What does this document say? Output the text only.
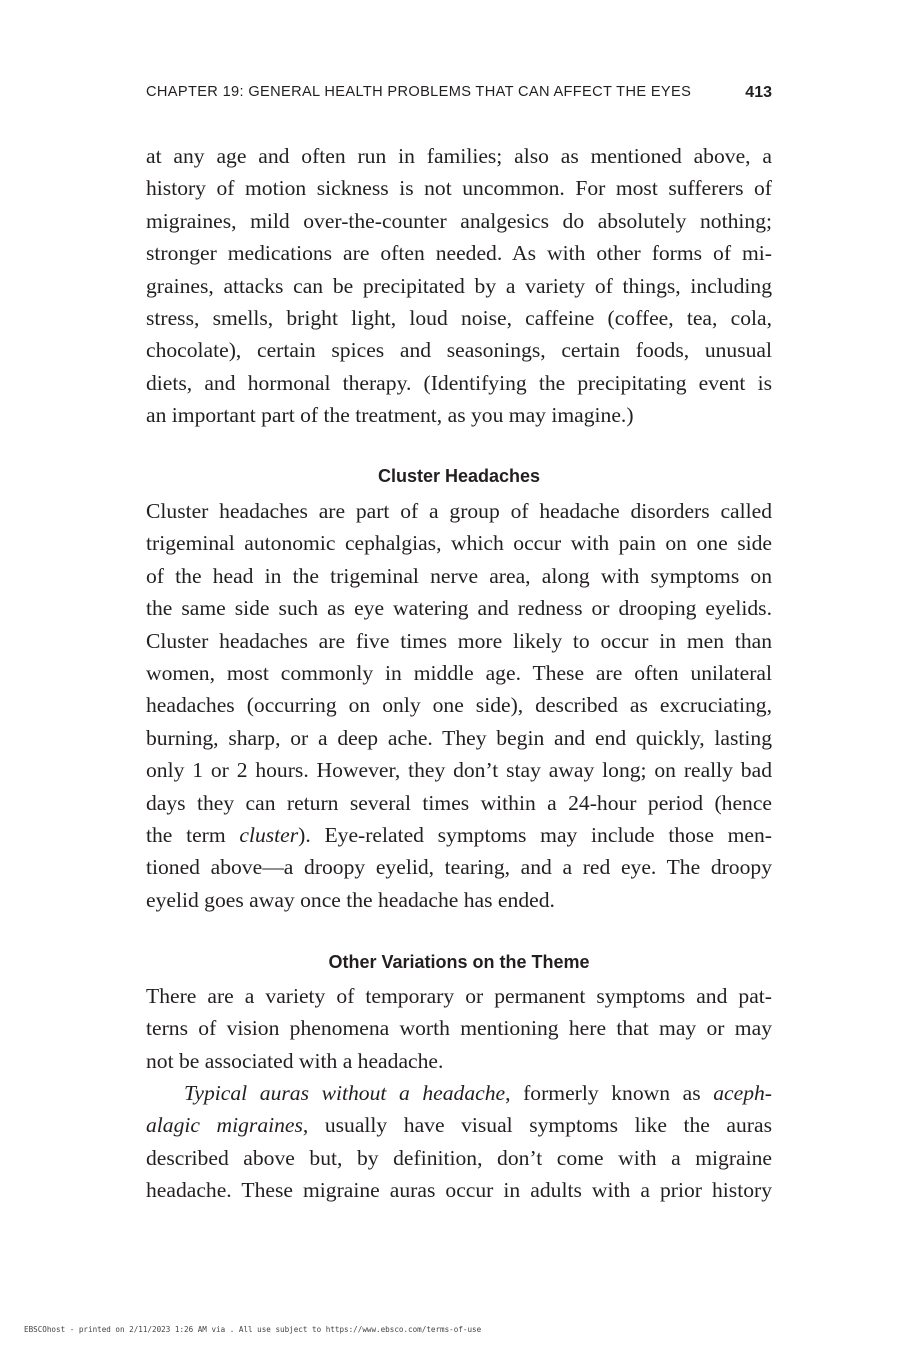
CHAPTER 19: GENERAL HEALTH PROBLEMS THAT CAN AFFECT THE EYES	413
at any age and often run in families; also as mentioned above, a
history of motion sickness is not uncommon. For most sufferers of
migraines, mild over-the-counter analgesics do absolutely nothing;
stronger medications are often needed. As with other forms of mi-
graines, attacks can be precipitated by a variety of things, including
stress, smells, bright light, loud noise, caffeine (coffee, tea, cola,
chocolate), certain spices and seasonings, certain foods, unusual
diets, and hormonal therapy. (Identifying the precipitating event is
an important part of the treatment, as you may imagine.)
Cluster Headaches
Cluster headaches are part of a group of headache disorders called
trigeminal autonomic cephalgias, which occur with pain on one side
of the head in the trigeminal nerve area, along with symptoms on
the same side such as eye watering and redness or drooping eyelids.
Cluster headaches are five times more likely to occur in men than
women, most commonly in middle age. These are often unilateral
headaches (occurring on only one side), described as excruciating,
burning, sharp, or a deep ache. They begin and end quickly, lasting
only 1 or 2 hours. However, they don’t stay away long; on really bad
days they can return several times within a 24-hour period (hence
the term cluster). Eye-related symptoms may include those men-
tioned above—a droopy eyelid, tearing, and a red eye. The droopy
eyelid goes away once the headache has ended.
Other Variations on the Theme
There are a variety of temporary or permanent symptoms and pat-
terns of vision phenomena worth mentioning here that may or may
not be associated with a headache.
Typical auras without a headache, formerly known as aceph-
alagic migraines, usually have visual symptoms like the auras
described above but, by definition, don’t come with a migraine
headache. These migraine auras occur in adults with a prior history
EBSCOhost - printed on 2/11/2023 1:26 AM via . All use subject to https://www.ebsco.com/terms-of-use
